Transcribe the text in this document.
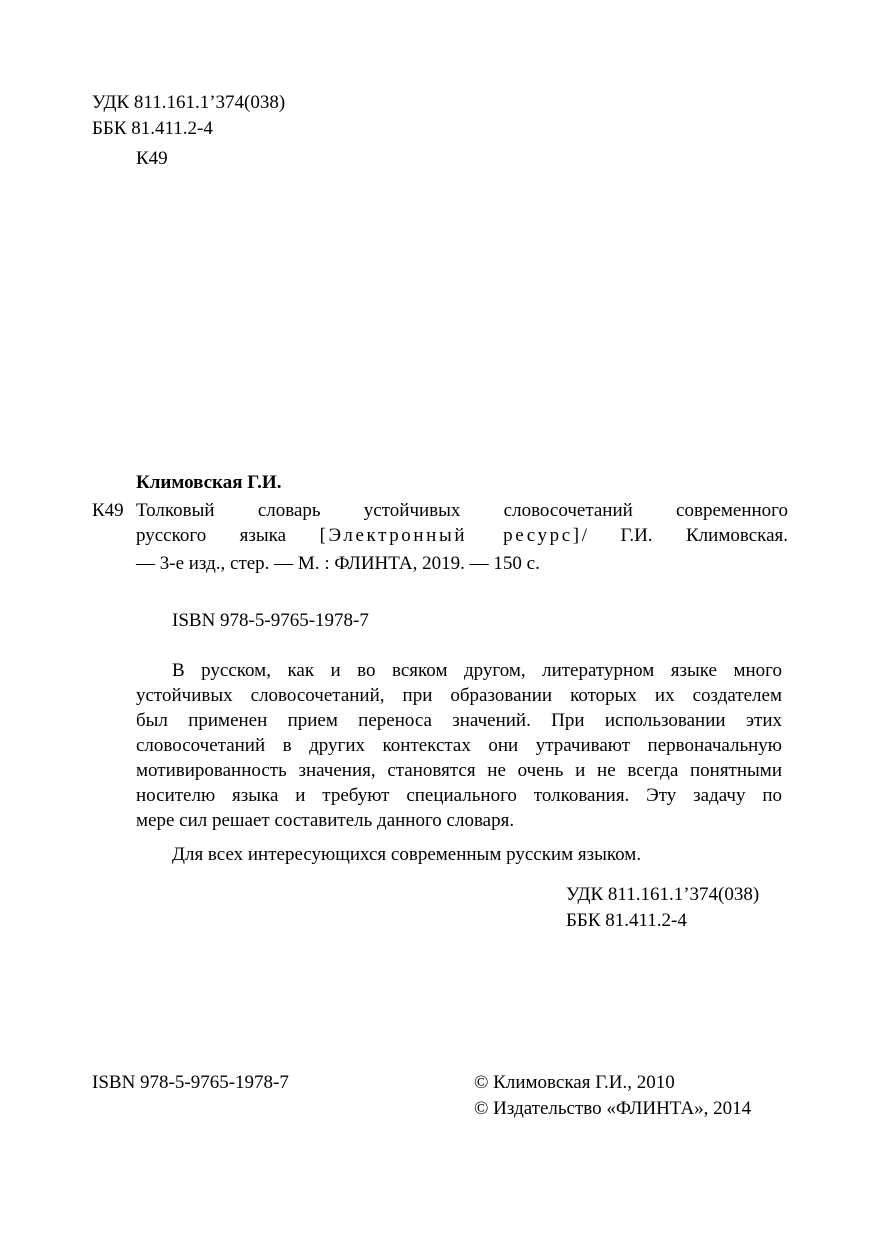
УДК 811.161.1’374(038)
ББК 81.411.2-4
К49
Климовская Г.И.
К49 Толковый словарь устойчивых словосочетаний современного
русского языка [Электронный ресурс]/ Г.И. Климовская.
— 3-е изд., стер. — М. : ФЛИНТА, 2019. — 150 с.
ISBN 978-5-9765-1978-7
В русском, как и во всяком другом, литературном языке много
устойчивых словосочетаний, при образовании которых их создателем
был применен прием переноса значений. При использовании этих
словосочетаний в других контекстах они утрачивают первоначальную
мотивированность значения, становятся не очень и не всегда понятными
носителю языка и требуют специального толкования. Эту задачу по
мере сил решает составитель данного словаря.
Для всех интересующихся современным русским языком.
УДК 811.161.1’374(038)
ББК 81.411.2-4
ISBN 978-5-9765-1978-7	© Климовская Г.И., 2010
© Издательство «ФЛИНТА», 2014
